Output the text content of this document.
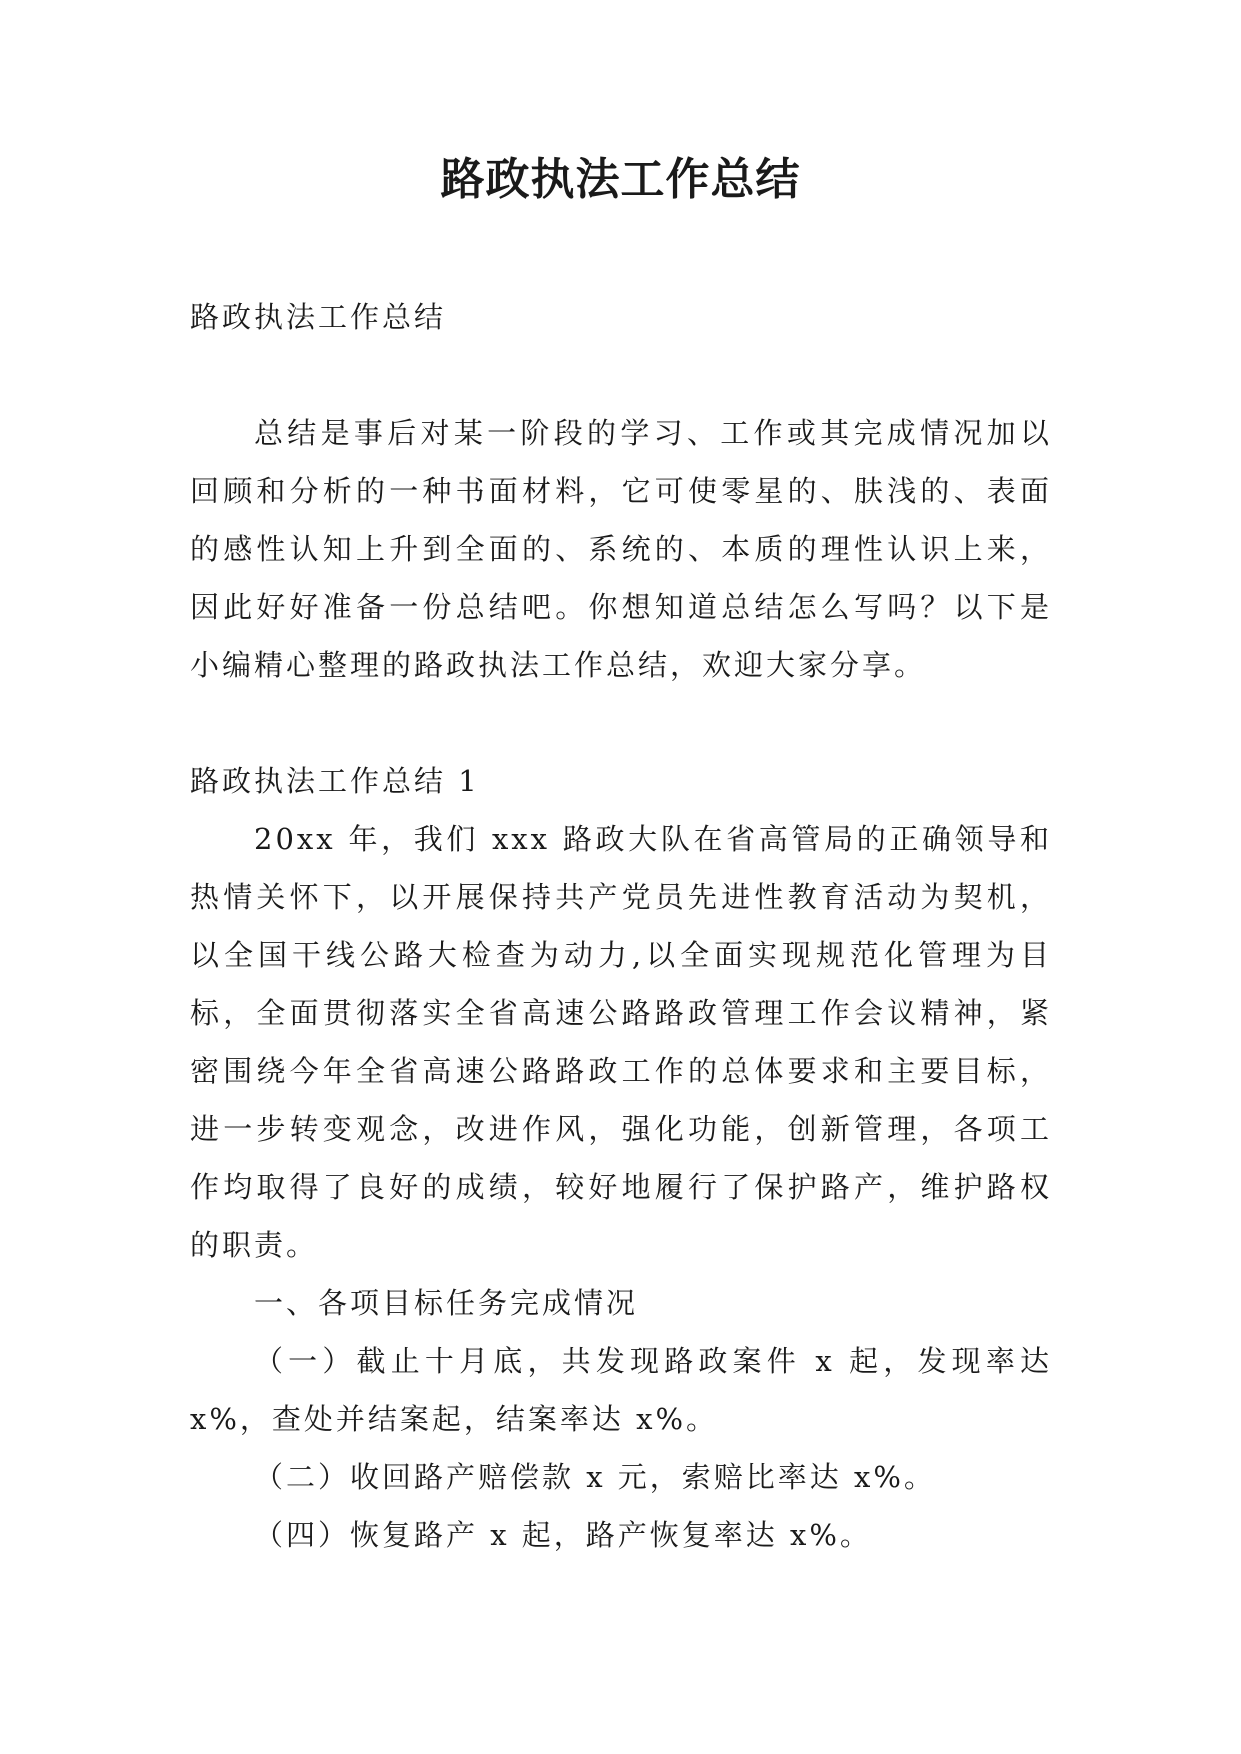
路政执法工作总结

路政执法工作总结

总结是事后对某一阶段的学习、工作或其完成情况加以回顾和分析的一种书面材料，它可使零星的、肤浅的、表面的感性认知上升到全面的、系统的、本质的理性认识上来，因此好好准备一份总结吧。你想知道总结怎么写吗？以下是小编精心整理的路政执法工作总结，欢迎大家分享。

路政执法工作总结 1

20xx 年，我们 xxx 路政大队在省高管局的正确领导和热情关怀下，以开展保持共产党员先进性教育活动为契机，以全国干线公路大检查为动力,以全面实现规范化管理为目标，全面贯彻落实全省高速公路路政管理工作会议精神，紧密围绕今年全省高速公路路政工作的总体要求和主要目标，进一步转变观念，改进作风，强化功能，创新管理，各项工作均取得了良好的成绩，较好地履行了保护路产，维护路权的职责。

一、各项目标任务完成情况

（一）截止十月底，共发现路政案件 x 起，发现率达 x%，查处并结案起，结案率达 x%。

（二）收回路产赔偿款 x 元，索赔比率达 x%。

（四）恢复路产 x 起，路产恢复率达 x%。
